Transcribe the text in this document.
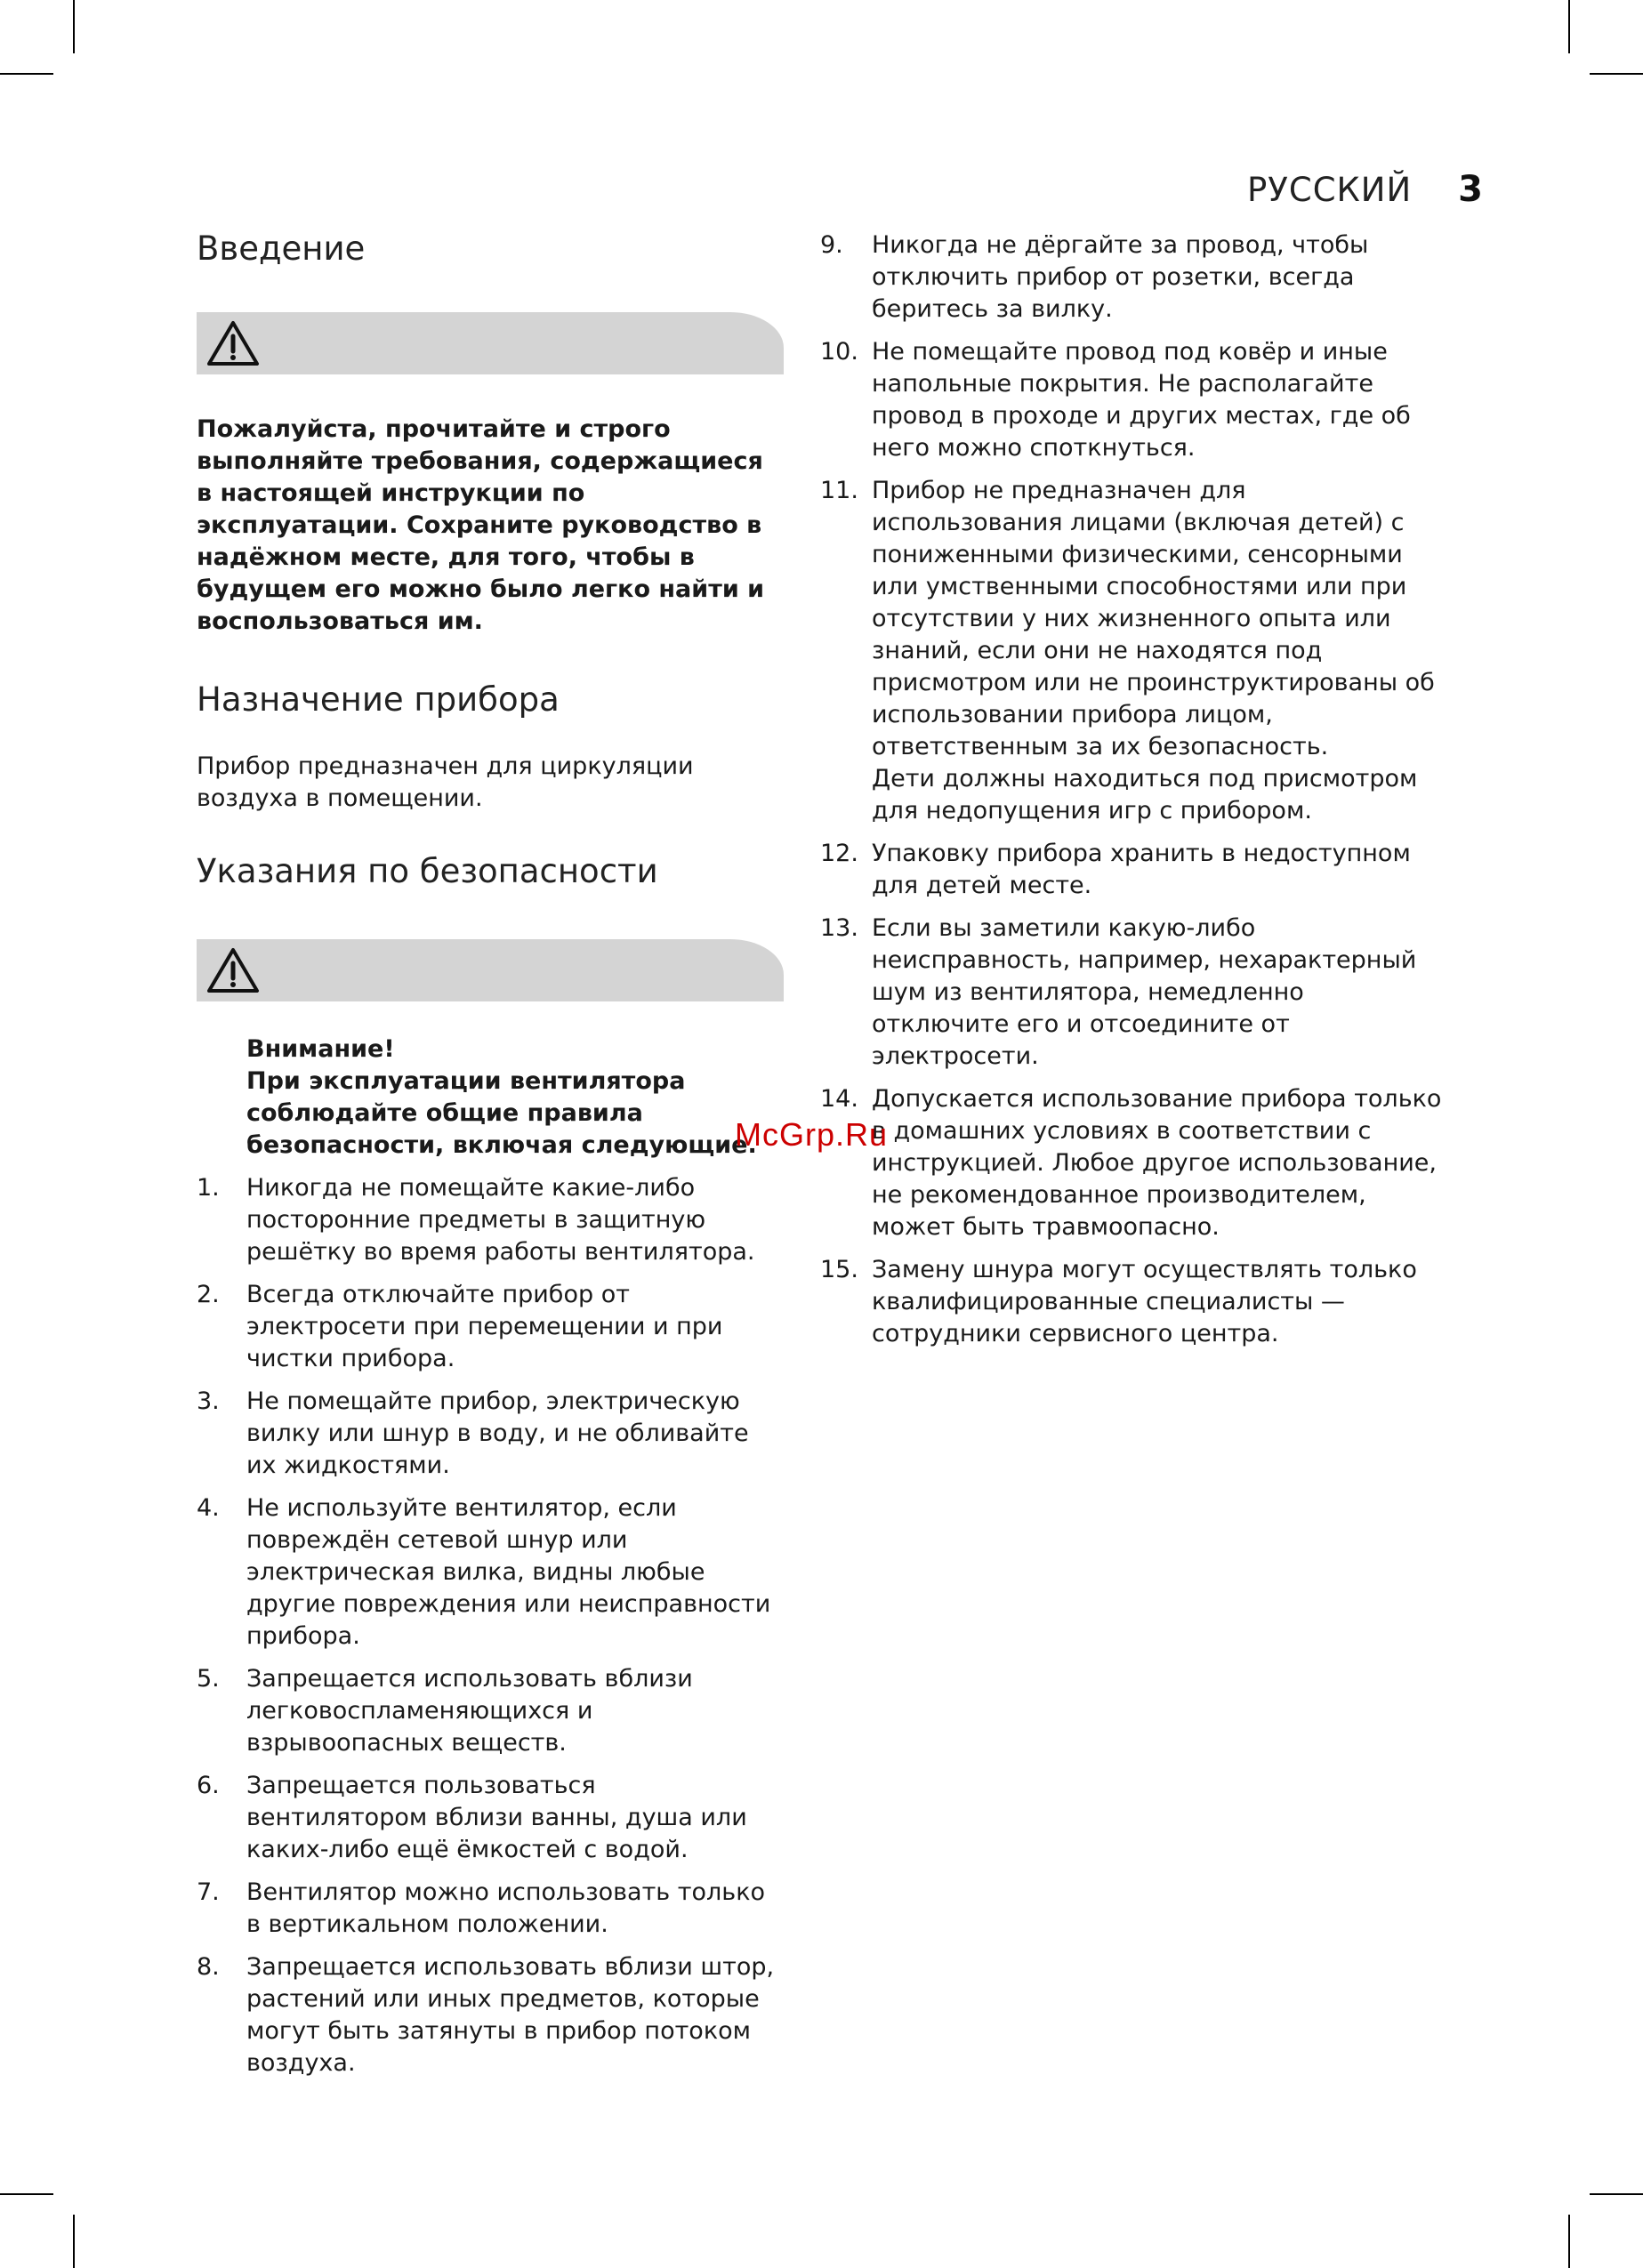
РУССКИЙ 3
Введение

Пожалуйста, прочитайте и строго выполняйте требования, содержащиеся в настоящей инструкции по эксплуатации. Сохраните руководство в надёжном месте, для того, чтобы в будущем его можно было легко найти и воспользоваться им.

Назначение прибора

Прибор предназначен для циркуляции воздуха в помещении.

Указания по безопасности

Внимание!

При эксплуатации вентилятора соблюдайте общие правила безопасности, включая следующие.

1.	Никогда не помещайте какие-либо посторонние предметы в защитную решётку во время работы вентилятора.
2.	Всегда отключайте прибор от электросети при перемещении и при чистки прибора.
3.	Не помещайте прибор, электрическую вилку или шнур в воду, и не обливайте их жидкостями.
4.	Не используйте вентилятор, если повреждён сетевой шнур или электрическая вилка, видны любые другие повреждения или неисправности прибора.
5.	Запрещается использовать вблизи легковоспламеняющихся и взрывоопасных веществ.
6.	Запрещается пользоваться вентилятором вблизи ванны, душа или каких-либо ещё ёмкостей с водой.
7.	Вентилятор можно использовать только в вертикальном положении.
8.	Запрещается использовать вблизи штор, растений или иных предметов, которые могут быть затянуты в прибор потоком воздуха.
9.	Никогда не дёргайте за провод, чтобы отключить прибор от розетки, всегда беритесь за вилку.
10. Не помещайте провод под ковёр и иные напольные покрытия. Не располагайте провод в проходе и других местах, где об него можно споткнуться.
11. Прибор не предназначен для использования лицами (включая детей) с пониженными физическими, сенсорными или умственными способностями или при отсутствии у них жизненного опыта или знаний, если они не находятся под присмотром или не проинструктированы об использовании прибора лицом, ответственным за их безопасность.
Дети должны находиться под присмотром для недопущения игр с прибором.
12. Упаковку прибора хранить в недоступном для детей месте.
13. Если вы заметили какую-либо неисправность, например, нехарактерный шум из вентилятора, немедленно отключите его и отсоедините от электросети.
14. Допускается использование прибора только в домашних условиях в соответствии с инструкцией. Любое другое использование, не рекомендованное производителем, может быть травмоопасно.
15. Замену шнура могут осуществлять только квалифицированные специалисты — сотрудники сервисного центра.
McGrp.Ru
